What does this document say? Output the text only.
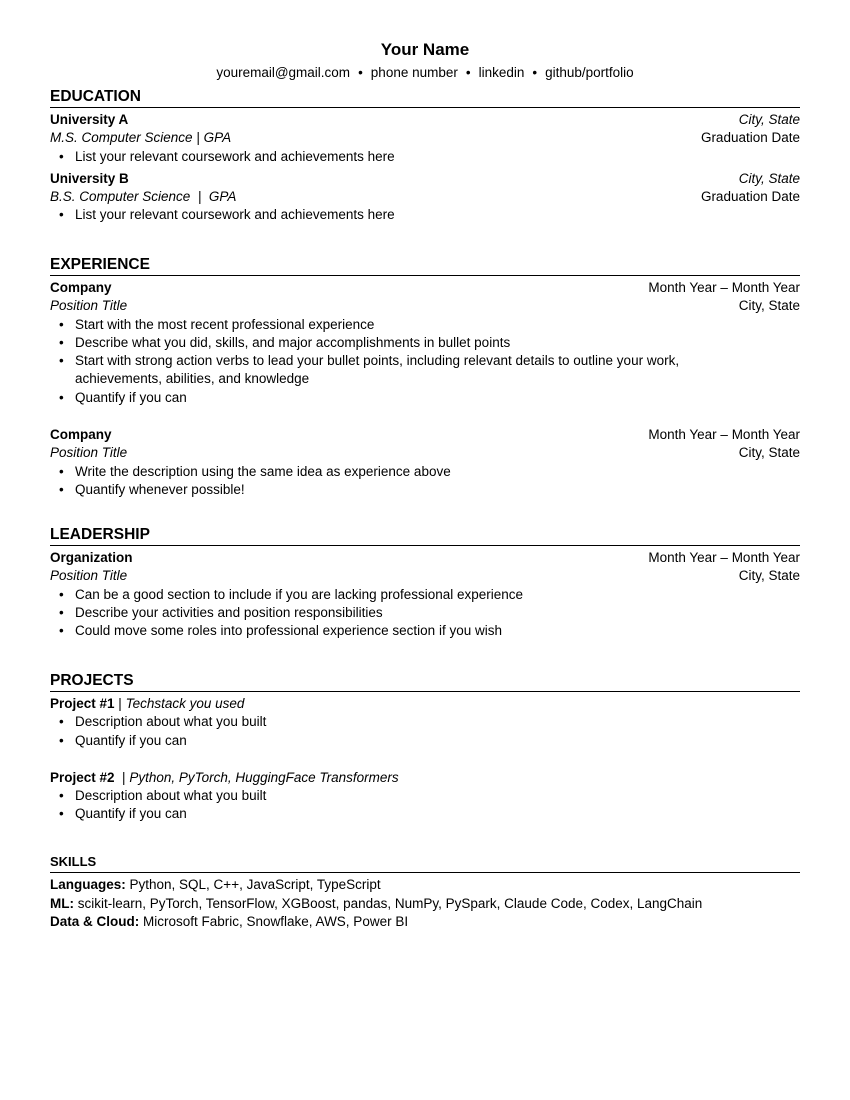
Your Name
youremail@gmail.com • phone number • linkedin • github/portfolio
EDUCATION
University A	City, State
M.S. Computer Science | GPA	Graduation Date
• List your relevant coursework and achievements here
University B	City, State
B.S. Computer Science  |  GPA	Graduation Date
• List your relevant coursework and achievements here
EXPERIENCE
Company	Month Year – Month Year
Position Title	City, State
• Start with the most recent professional experience
• Describe what you did, skills, and major accomplishments in bullet points
• Start with strong action verbs to lead your bullet points, including relevant details to outline your work, achievements, abilities, and knowledge
• Quantify if you can
Company	Month Year – Month Year
Position Title	City, State
• Write the description using the same idea as experience above
• Quantify whenever possible!
LEADERSHIP
Organization	Month Year – Month Year
Position Title	City, State
• Can be a good section to include if you are lacking professional experience
• Describe your activities and position responsibilities
• Could move some roles into professional experience section if you wish
PROJECTS
Project #1 | Techstack you used
• Description about what you built
• Quantify if you can
Project #2 | Python, PyTorch, HuggingFace Transformers
• Description about what you built
• Quantify if you can
SKILLS
Languages: Python, SQL, C++, JavaScript, TypeScript
ML: scikit-learn, PyTorch, TensorFlow, XGBoost, pandas, NumPy, PySpark, Claude Code, Codex, LangChain
Data & Cloud: Microsoft Fabric, Snowflake, AWS, Power BI
